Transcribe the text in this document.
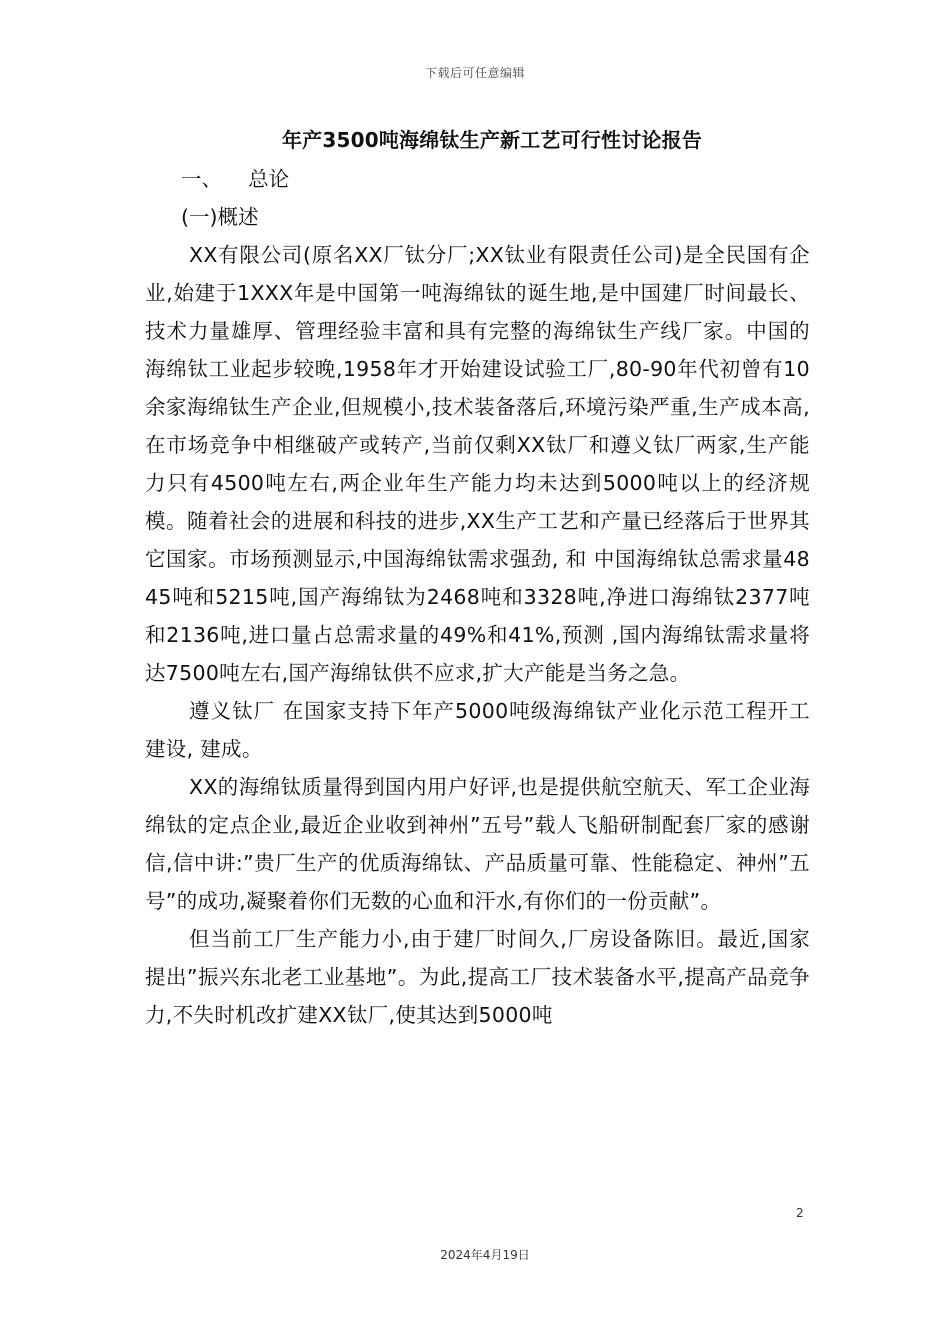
下载后可任意编辑
年产3500吨海绵钛生产新工艺可行性讨论报告
一、 总论
(一)概述

XX有限公司(原名XX厂钛分厂;XX钛业有限责任公司)是全民国有企业,始建于1XXX年是中国第一吨海绵钛的诞生地,是中国建厂时间最长、技术力量雄厚、管理经验丰富和具有完整的海绵钛生产线厂家。中国的海绵钛工业起步较晚,1958年才开始建设试验工厂,80-90年代初曾有10余家海绵钛生产企业,但规模小,技术装备落后,环境污染严重,生产成本高,在市场竞争中相继破产或转产,当前仅剩XX钛厂和遵义钛厂两家,生产能力只有4500吨左右,两企业年生产能力均未达到5000吨以上的经济规模。随着社会的进展和科技的进步,XX生产工艺和产量已经落后于世界其它国家。市场预测显示,中国海绵钛需求强劲, 和 中国海绵钛总需求量4845吨和5215吨,国产海绵钛为2468吨和3328吨,净进口海绵钛2377吨和2136吨,进口量占总需求量的49%和41%,预测 ,国内海绵钛需求量将达7500吨左右,国产海绵钛供不应求,扩大产能是当务之急。

遵义钛厂 在国家支持下年产5000吨级海绵钛产业化示范工程开工建设, 建成。

XX的海绵钛质量得到国内用户好评,也是提供航空航天、军工企业海绵钛的定点企业,最近企业收到神州”五号”载人飞船研制配套厂家的感谢信,信中讲:”贵厂生产的优质海绵钛、产品质量可靠、性能稳定、神州”五号”的成功,凝聚着你们无数的心血和汗水,有你们的一份贡献”。

但当前工厂生产能力小,由于建厂时间久,厂房设备陈旧。最近,国家提出”振兴东北老工业基地”。为此,提高工厂技术装备水平,提高产品竞争力,不失时机改扩建XX钛厂,使其达到5000吨

2
2024年4月19日
